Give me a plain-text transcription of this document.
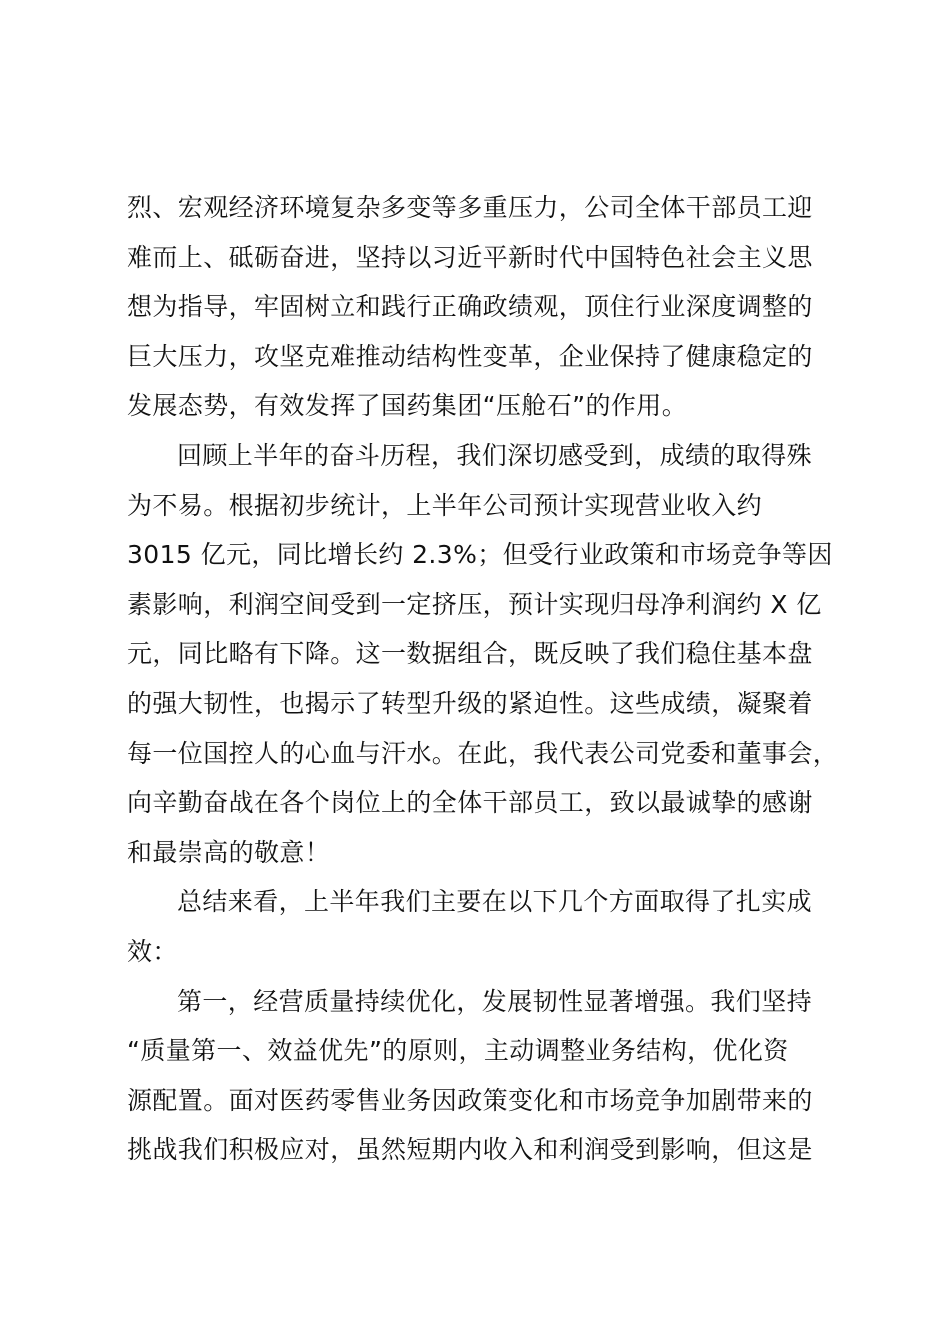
烈、宏观经济环境复杂多变等多重压力，公司全体干部员工迎
难而上、砥砺奋进，坚持以习近平新时代中国特色社会主义思
想为指导，牢固树立和践行正确政绩观，顶住行业深度调整的
巨大压力，攻坚克难推动结构性变革，企业保持了健康稳定的
发展态势，有效发挥了国药集团“压舱石”的作用。
回顾上半年的奋斗历程，我们深切感受到，成绩的取得殊
为不易。根据初步统计，上半年公司预计实现营业收入约
3015 亿元，同比增长约 2.3%；但受行业政策和市场竞争等因
素影响，利润空间受到一定挤压，预计实现归母净利润约 X 亿
元，同比略有下降。这一数据组合，既反映了我们稳住基本盘
的强大韧性，也揭示了转型升级的紧迫性。这些成绩，凝聚着
每一位国控人的心血与汗水。在此，我代表公司党委和董事会，
向辛勤奋战在各个岗位上的全体干部员工，致以最诚挚的感谢
和最崇高的敬意！
总结来看，上半年我们主要在以下几个方面取得了扎实成
效：
第一，经营质量持续优化，发展韧性显著增强。我们坚持
“质量第一、效益优先”的原则，主动调整业务结构，优化资
源配置。面对医药零售业务因政策变化和市场竞争加剧带来的
挑战我们积极应对，虽然短期内收入和利润受到影响，但这是
